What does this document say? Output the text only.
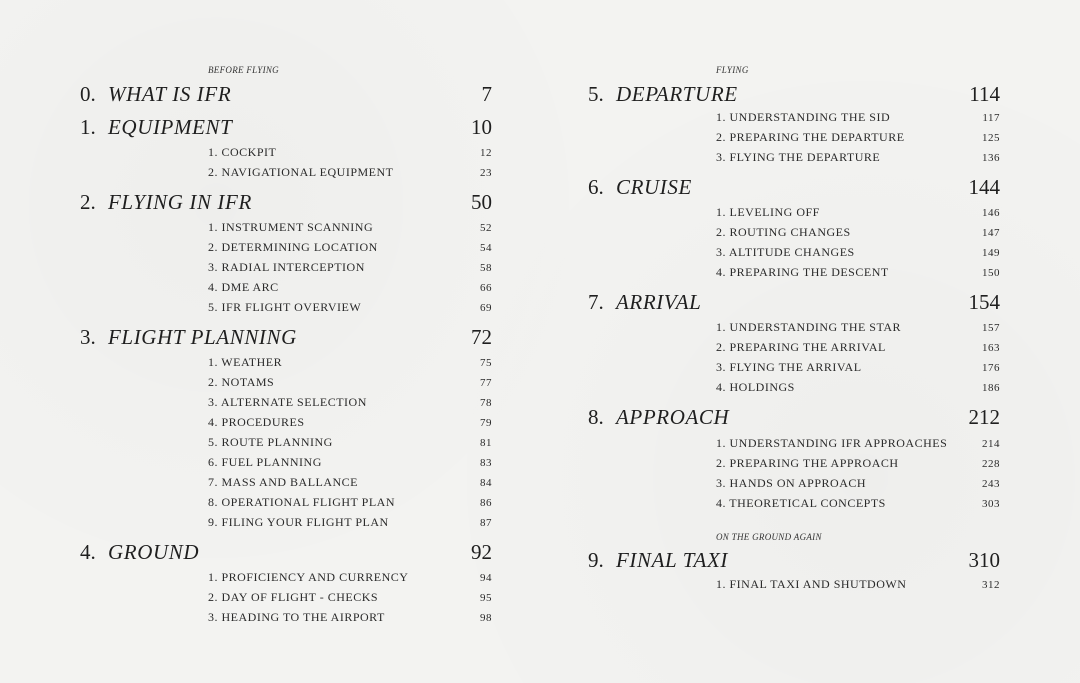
BEFORE FLYING
0. WHAT IS IFR	7
1. EQUIPMENT	10
1. COCKPIT	12
2. NAVIGATIONAL EQUIPMENT	23
2. FLYING IN IFR	50
1. INSTRUMENT SCANNING	52
2. DETERMINING LOCATION	54
3. RADIAL INTERCEPTION	58
4. DME ARC	66
5. IFR FLIGHT OVERVIEW	69
3. FLIGHT PLANNING	72
1. WEATHER	75
2. NOTAMS	77
3. ALTERNATE SELECTION	78
4. PROCEDURES	79
5. ROUTE PLANNING	81
6. FUEL PLANNING	83
7. MASS AND BALLANCE	84
8. OPERATIONAL FLIGHT PLAN	86
9. FILING YOUR FLIGHT PLAN	87
4. GROUND	92
1. PROFICIENCY AND CURRENCY	94
2. DAY OF FLIGHT - CHECKS	95
3. HEADING TO THE AIRPORT	98
FLYING
5. DEPARTURE	114
1. UNDERSTANDING THE SID	117
2. PREPARING THE DEPARTURE	125
3. FLYING THE DEPARTURE	136
6. CRUISE	144
1. LEVELING OFF	146
2. ROUTING CHANGES	147
3. ALTITUDE CHANGES	149
4. PREPARING THE DESCENT	150
7. ARRIVAL	154
1. UNDERSTANDING THE STAR	157
2. PREPARING THE ARRIVAL	163
3. FLYING THE ARRIVAL	176
4. HOLDINGS	186
8. APPROACH	212
1. UNDERSTANDING IFR APPROACHES	214
2. PREPARING THE APPROACH	228
3. HANDS ON APPROACH	243
4. THEORETICAL CONCEPTS	303
ON THE GROUND AGAIN
9. FINAL TAXI	310
1. FINAL TAXI AND SHUTDOWN	312
